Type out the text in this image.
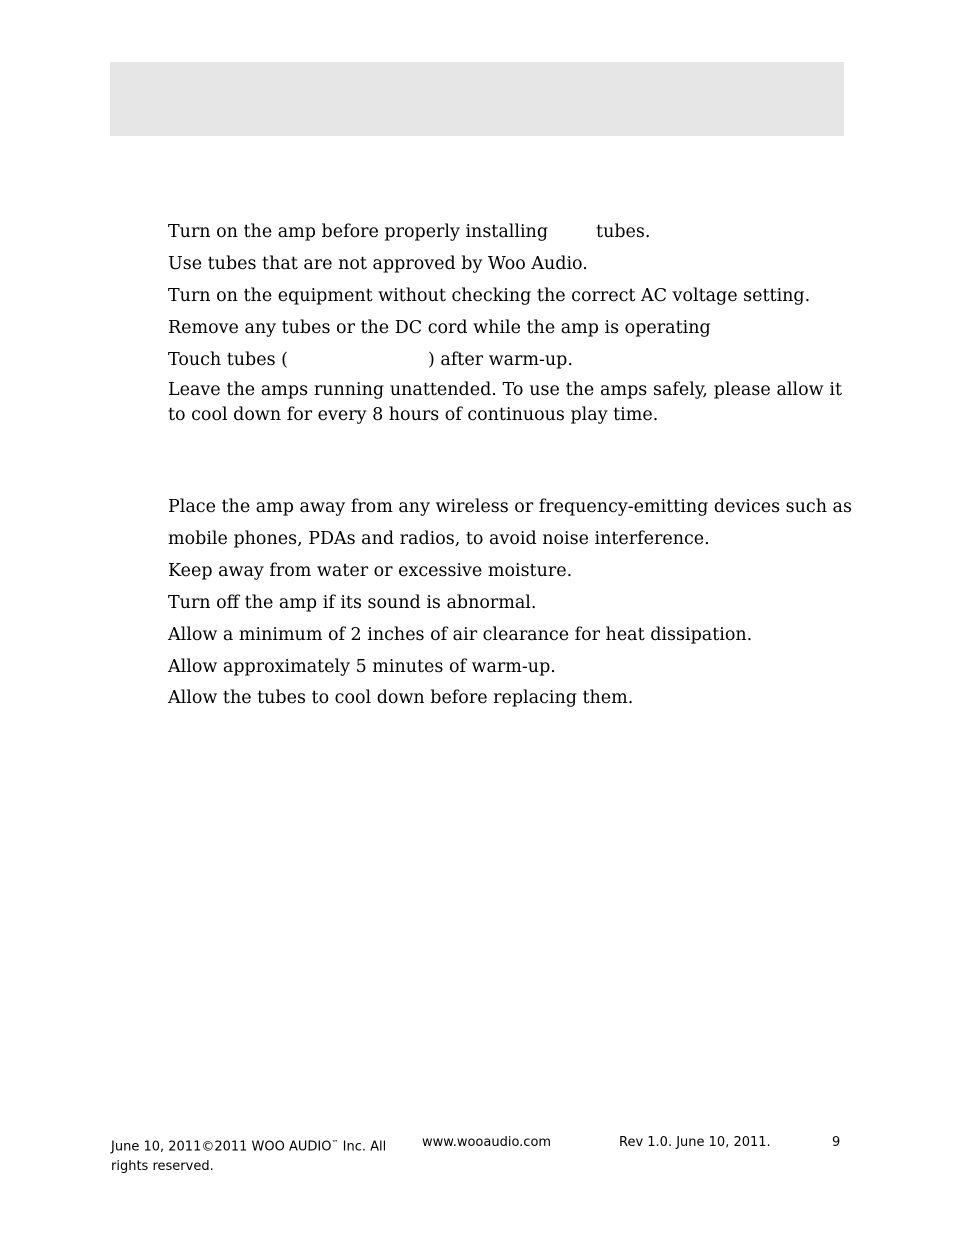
Turn on the amp before properly installing	tubes.
Use tubes that are not approved by Woo Audio.
Turn on the equipment without checking the correct AC voltage setting.
Remove any tubes or the DC cord while the amp is operating
Touch tubes (	) after warm-up.
Leave the amps running unattended. To use the amps safely, please allow it to cool down for every 8 hours of continuous play time.
Place the amp away from any wireless or frequency-emitting devices such as
mobile phones, PDAs and radios, to avoid noise interference.
Keep away from water or excessive moisture.
Turn off the amp if its sound is abnormal.
Allow a minimum of 2 inches of air clearance for heat dissipation.
Allow approximately 5 minutes of warm-up.
Allow the tubes to cool down before replacing them.
June 10, 2011©2011 WOO AUDIO™ Inc. All
rights reserved.
www.wooaudio.com	Rev 1.0. June 10, 2011.	9
